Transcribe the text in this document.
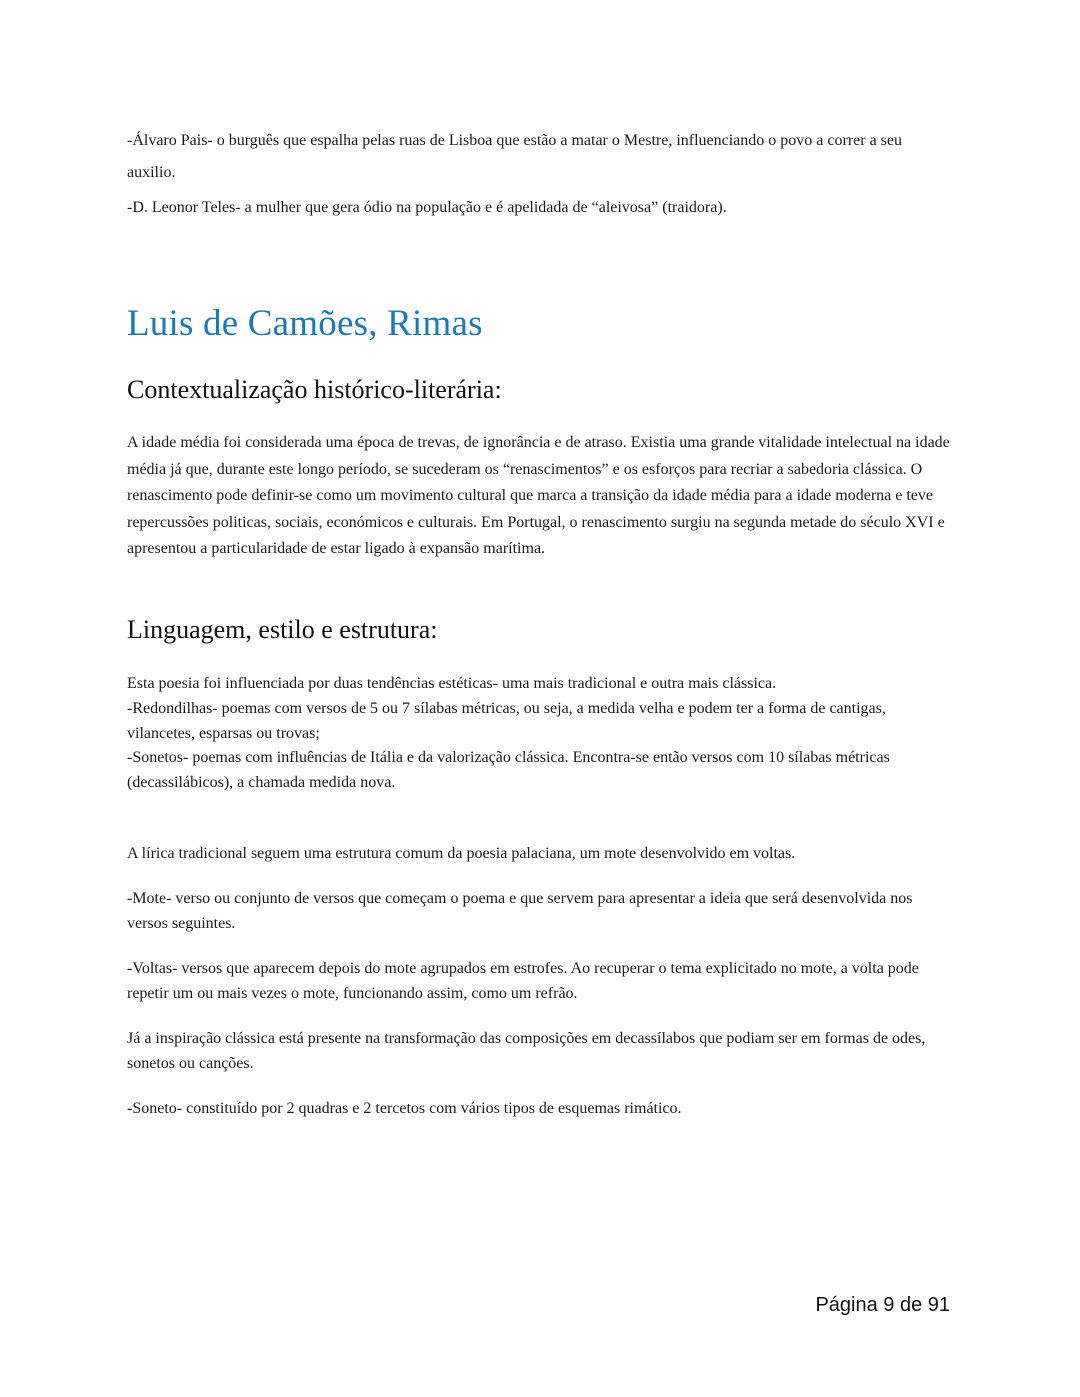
-Álvaro Pais- o burguês que espalha pelas ruas de Lisboa que estão a matar o Mestre, influenciando o povo a correr a seu auxilio.

-D. Leonor Teles- a mulher que gera ódio na população e é apelidada de “aleivosa” (traidora).

Luis de Camões, Rimas
Contextualização histórico-literária:

A idade média foi considerada uma época de trevas, de ignorância e de atraso. Existia uma grande vitalidade intelectual na idade média já que, durante este longo período, se sucederam os “renascimentos” e os esforços para recriar a sabedoria clássica. O renascimento pode definir-se como um movimento cultural que marca a transição da idade média para a idade moderna e teve repercussões politicas, sociais, económicos e culturais. Em Portugal, o renascimento surgiu na segunda metade do século XVI e apresentou a particularidade de estar ligado à expansão marítima.

Linguagem, estilo e estrutura:

Esta poesia foi influenciada por duas tendências estéticas- uma mais tradicional e outra mais clássica.

-Redondilhas- poemas com versos de 5 ou 7 sílabas métricas, ou seja, a medida velha e podem ter a forma de cantigas, vilancetes, esparsas ou trovas;

-Sonetos- poemas com influências de Itália e da valorização clássica. Encontra-se então versos com 10 sílabas métricas (decassilábicos), a chamada medida nova.

A lírica tradicional seguem uma estrutura comum da poesia palaciana, um mote desenvolvido em voltas.

-Mote- verso ou conjunto de versos que começam o poema e que servem para apresentar a ideia que será desenvolvida nos versos seguintes.

-Voltas- versos que aparecem depois do mote agrupados em estrofes. Ao recuperar o tema explicitado no mote, a volta pode repetir um ou mais vezes o mote, funcionando assim, como um refrão.

Já a inspiração clássica está presente na transformação das composições em decassílabos que podiam ser em formas de odes, sonetos ou canções.

-Soneto- constituído por 2 quadras e 2 tercetos com vários tipos de esquemas rimático.

Página 9 de 91
